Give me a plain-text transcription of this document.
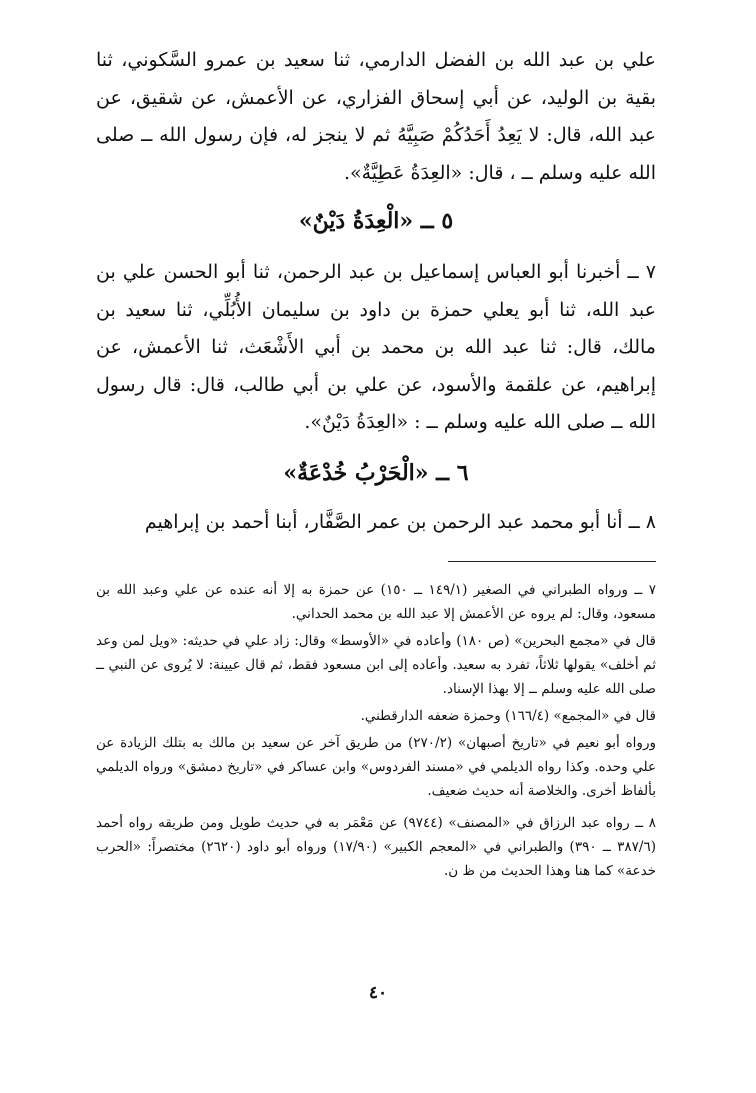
علي بن عبد الله بن الفضل الدارمي، ثنا سعيد بن عمرو السَّكوني، ثنا بقية بن الوليد، عن أبي إسحاق الفزاري، عن الأعمش، عن شقيق، عن عبد الله، قال: لا يَعِدُ أَحَدُكُمْ صَبِيَّهُ ثم لا ينجز له، فإن رسول الله ــ صلى الله عليه وسلم ــ ، قال: «العِدَةُ عَطِيَّةٌ».

٥ ــ «الْعِدَةُ دَيْنٌ»

٧ ــ أخبرنا أبو العباس إسماعيل بن عبد الرحمن، ثنا أبو الحسن علي بن عبد الله، ثنا أبو يعلي حمزة بن داود بن سليمان الأُبُلِّي، ثنا سعيد بن مالك، قال: ثنا عبد الله بن محمد بن أبي الأَشْعَث، ثنا الأعمش، عن إبراهيم، عن علقمة والأسود، عن علي بن أبي طالب، قال: قال رسول الله ــ صلى الله عليه وسلم ــ : «العِدَةُ دَيْنٌ».

٦ ــ «الْحَرْبُ خُدْعَةٌ»

٨ ــ أنا أبو محمد عبد الرحمن بن عمر الصَّفَّار، أبنا أحمد بن إبراهيم

٧ ــ ورواه الطبراني في الصغير (١٤٩/١ ــ ١٥٠) عن حمزة به إلا أنه عنده عن علي وعبد الله بن مسعود، وقال: لم يروه عن الأعمش إلا عبد الله بن محمد الحداني.

قال في «مجمع البحرين» (ص ١٨٠) وأعاده في «الأوسط» وقال: زاد علي في حديثه: «ويل لمن وعد ثم أخلف» يقولها ثلاثاً، تفرد به سعيد. وأعاده إلى ابن مسعود فقط، ثم قال عيينة: لا يُروى عن النبي ــ صلى الله عليه وسلم ــ إلا بهذا الإسناد.

قال في «المجمع» (١٦٦/٤) وحمزة ضعفه الدارقطني.

ورواه أبو نعيم في «تاريخ أصبهان» (٢٧٠/٢) من طريق آخر عن سعيد بن مالك به بتلك الزيادة عن علي وحده. وكذا رواه الديلمي في «مسند الفردوس» وابن عساكر في «تاريخ دمشق» ورواه الديلمي بألفاظ أخرى. والخلاصة أنه حديث ضعيف.

٨ ــ رواه عبد الرزاق في «المصنف» (٩٧٤٤) عن مَعْمَر به في حديث طويل ومن طريقه رواه أحمد (٣٨٧/٦ ــ ٣٩٠) والطبراني في «المعجم الكبير» (١٧/٩٠) ورواه أبو داود (٢٦٢٠) مختصراً: «الحرب خدعة» كما هنا وهذا الحديث من ظ ن.

٤٠
